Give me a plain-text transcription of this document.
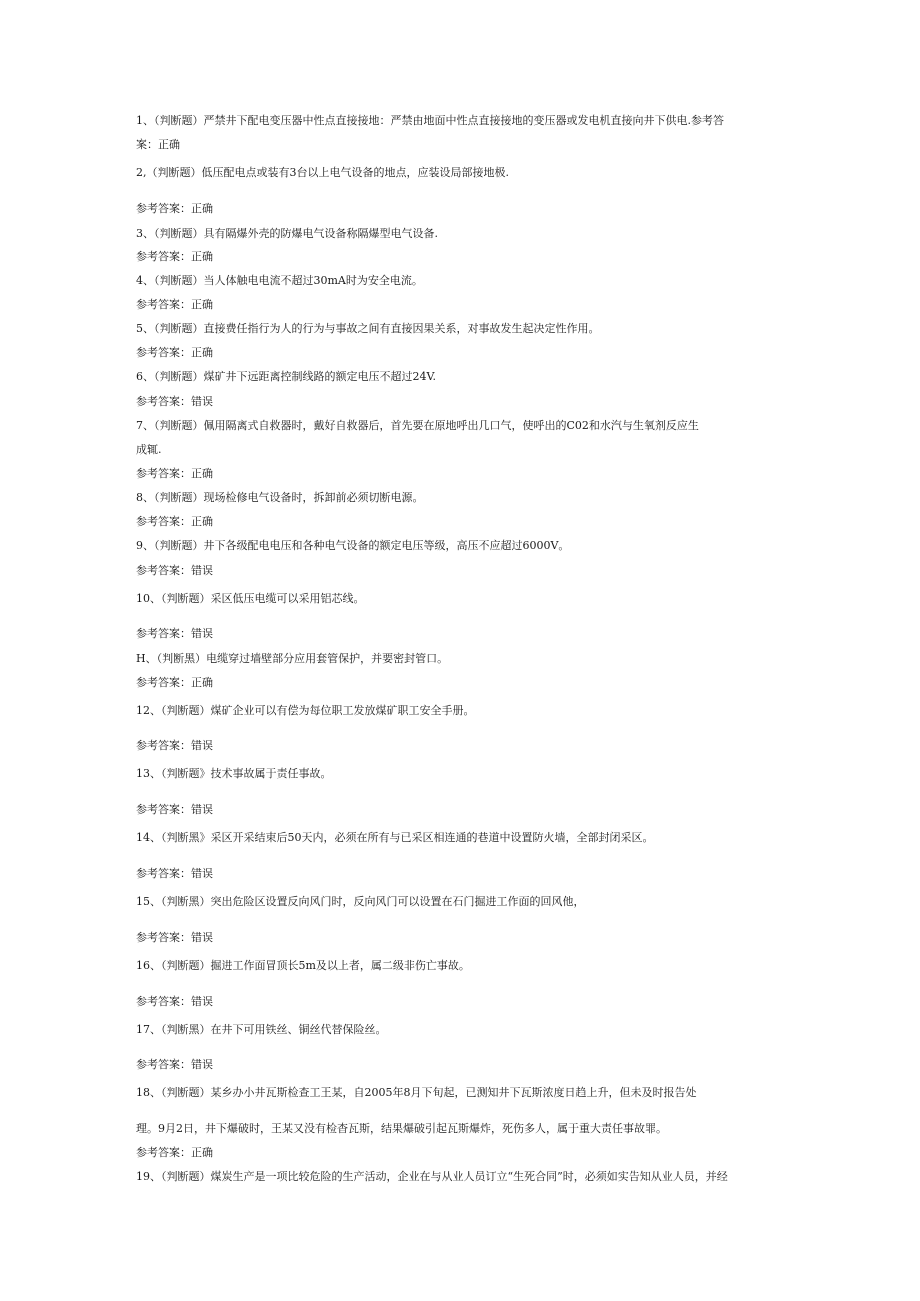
1、（判断题）严禁井下配电变压器中性点直接接地：严禁由地面中性点直接接地的变压器或发电机直接向井下供电.参考答
案：正确
2,（判断题）低压配电点或装有3台以上电气设备的地点，应装设局部接地极.
参考答案：正确
3、（判断题）具有隔爆外壳的防爆电气设备称隔爆型电气设备.
参考答案：正确
4、（判断题）当人体触电电流不超过30mA时为安全电流。
参考答案：正确
5、（判断题）直接费任指行为人的行为与事故之间有直接因果关系，对事故发生起决定性作用。
参考答案：正确
6、（判断题）煤矿井下远距离控制线路的额定电压不超过24V.
参考答案：错误
7、（判断题）佩用隔离式自救器时，戴好自救器后，首先要在原地呼出几口气，使呼出的C02和水汽与生氧剂反应生
成辄.
参考答案：正确
8、（判断题）现场检修电气设备时，拆卸前必须切断电源。
参考答案：正确
9、（判断题）井下各级配电电压和各种电气设备的额定电压等级，高压不应超过6000V。
参考答案：错误
10、（判断题）采区低压电缆可以采用铝芯线。
参考答案：错误
H、（判断黑）电缆穿过墙壁部分应用套管保护，并要密封管口。
参考答案：正确
12、（判断题）煤矿企业可以有偿为每位职工发放煤矿职工安全手册。
参考答案：错误
13、（判断题》技术事故属于责任事故。
参考答案：错误
14、（判断黑》采区开采结束后50天内，必须在所有与已采区相连通的巷道中设置防火墙，全部封闭采区。
参考答案：错误
15、（判断黑）突出危险区设置反向风门时，反向风门可以设置在石门掘进工作面的回风他，
参考答案：错误
16、（判断题）掘进工作面冒顶长5m及以上者，属二级非伤亡事故。
参考答案：错误
17、（判断黑）在井下可用铁丝、铜丝代替保险丝。
参考答案：错误
18、（判断题）某乡办小井瓦斯检查工王某，自2005年8月下旬起，已测知井下瓦斯浓度日趋上升，但未及时报告处
理。9月2日，井下爆破时，王某又没有检杳瓦斯，结果爆破引起瓦斯爆炸，死伤多人，属于重大责任事故罪。
参考答案：正确
19、（判断题）煤炭生产是一项比较危险的生产活动，企业在与从业人员订立“生死合同”时，必须如实告知从业人员，并经
